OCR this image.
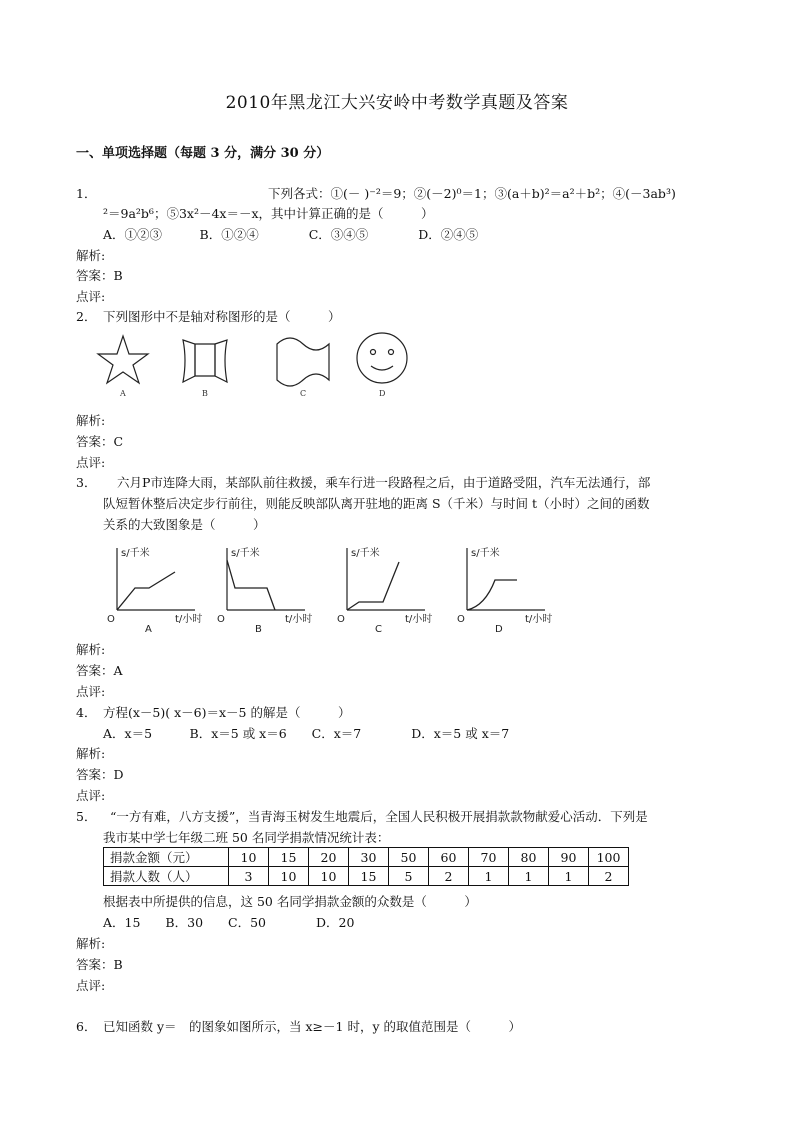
2010年黑龙江大兴安岭中考数学真题及答案
一、单项选择题（每题 3 分，满分 30 分）
1．	下列各式：①(－ )⁻²＝9；②(－2)⁰＝1；③(a＋b)²＝a²＋b²；④(－3ab³)
²＝9a²b⁶；⑤3x²－4x＝－x，其中计算正确的是（　　　）
A．①②③　　　B．①②④　　　　C．③④⑤　　　　D．②④⑤
解析:
答案：B
点评:
2． 下列图形中不是轴对称图形的是（　　　）
A	B	C	D
解析:
答案：C
点评:
3． 六月P市连降大雨，某部队前往救援，乘车行进一段路程之后，由于道路受阻，汽车无法通行，部
队短暂休整后决定步行前往，则能反映部队离开驻地的距离 S（千米）与时间 t（小时）之间的函数
关系的大致图象是（　　　）
s/千米
t/小时
O
A
s/千米
t/小时
O
B
s/千米
t/小时
O
C
s/千米
t/小时
O
D
解析:
答案：A
点评:
4． 方程(x－5)( x－6)＝x－5 的解是（　　　）
A．x＝5　　　B．x＝5 或 x＝6　　C．x＝7　　　　D．x＝5 或 x＝7
解析:
答案：D
点评:
5． “一方有难，八方支援”，当青海玉树发生地震后，全国人民积极开展捐款款物献爱心活动．下列是
我市某中学七年级二班 50 名同学捐款情况统计表：
捐款金额（元）	10	15	20	30	50	60	70	80	90	100
捐款人数（人）	3	10	10	15	5	2	1	1	1	2
根据表中所提供的信息，这 50 名同学捐款金额的众数是（　　　）
A．15　　B．30　　C．50　　　　D．20
解析:
答案：B
点评:
6． 已知函数 y＝　的图象如图所示，当 x≥－1 时，y 的取值范围是（　　　）
